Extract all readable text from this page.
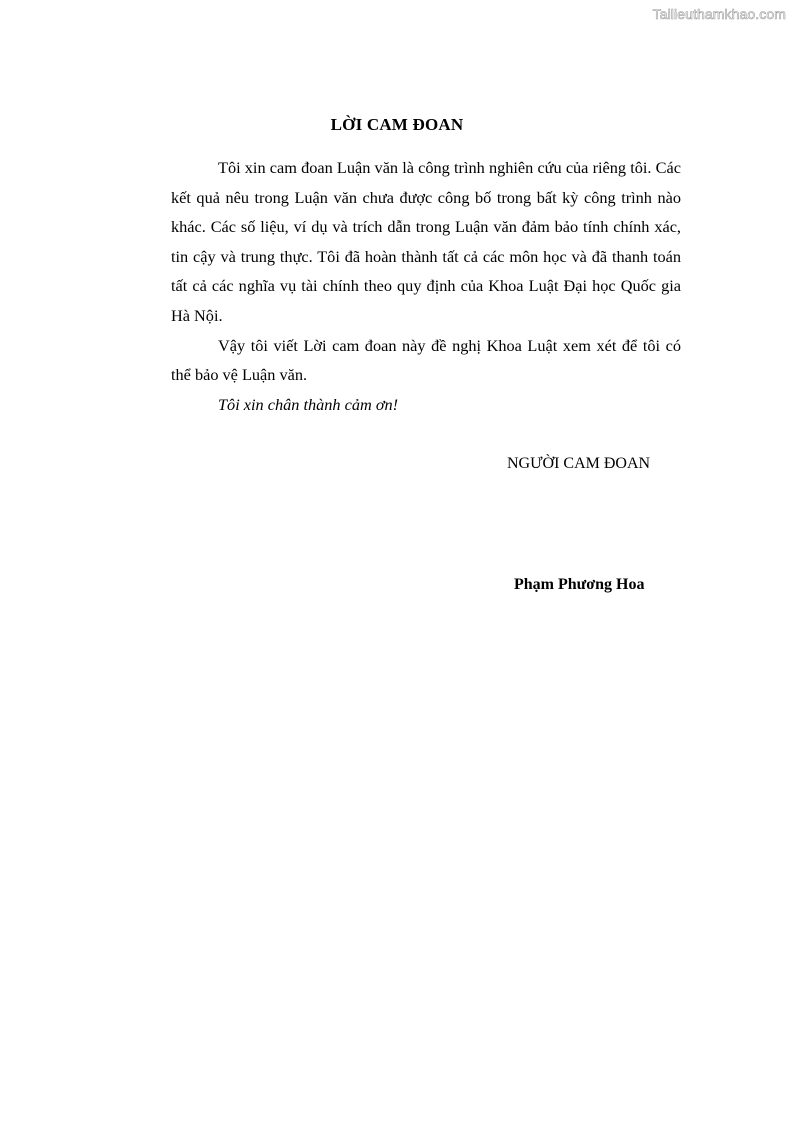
Tailieuthamkhao.com
LỜI CAM ĐOAN

Tôi xin cam đoan Luận văn là công trình nghiên cứu của riêng tôi. Các kết quả nêu trong Luận văn chưa được công bố trong bất kỳ công trình nào khác. Các số liệu, ví dụ và trích dẫn trong Luận văn đảm bảo tính chính xác, tin cậy và trung thực. Tôi đã hoàn thành tất cả các môn học và đã thanh toán tất cả các nghĩa vụ tài chính theo quy định của Khoa Luật Đại học Quốc gia Hà Nội.

Vậy tôi viết Lời cam đoan này đề nghị Khoa Luật xem xét để tôi có thể bảo vệ Luận văn.

Tôi xin chân thành cảm ơn!

NGƯỜI CAM ĐOAN
Phạm Phương Hoa
